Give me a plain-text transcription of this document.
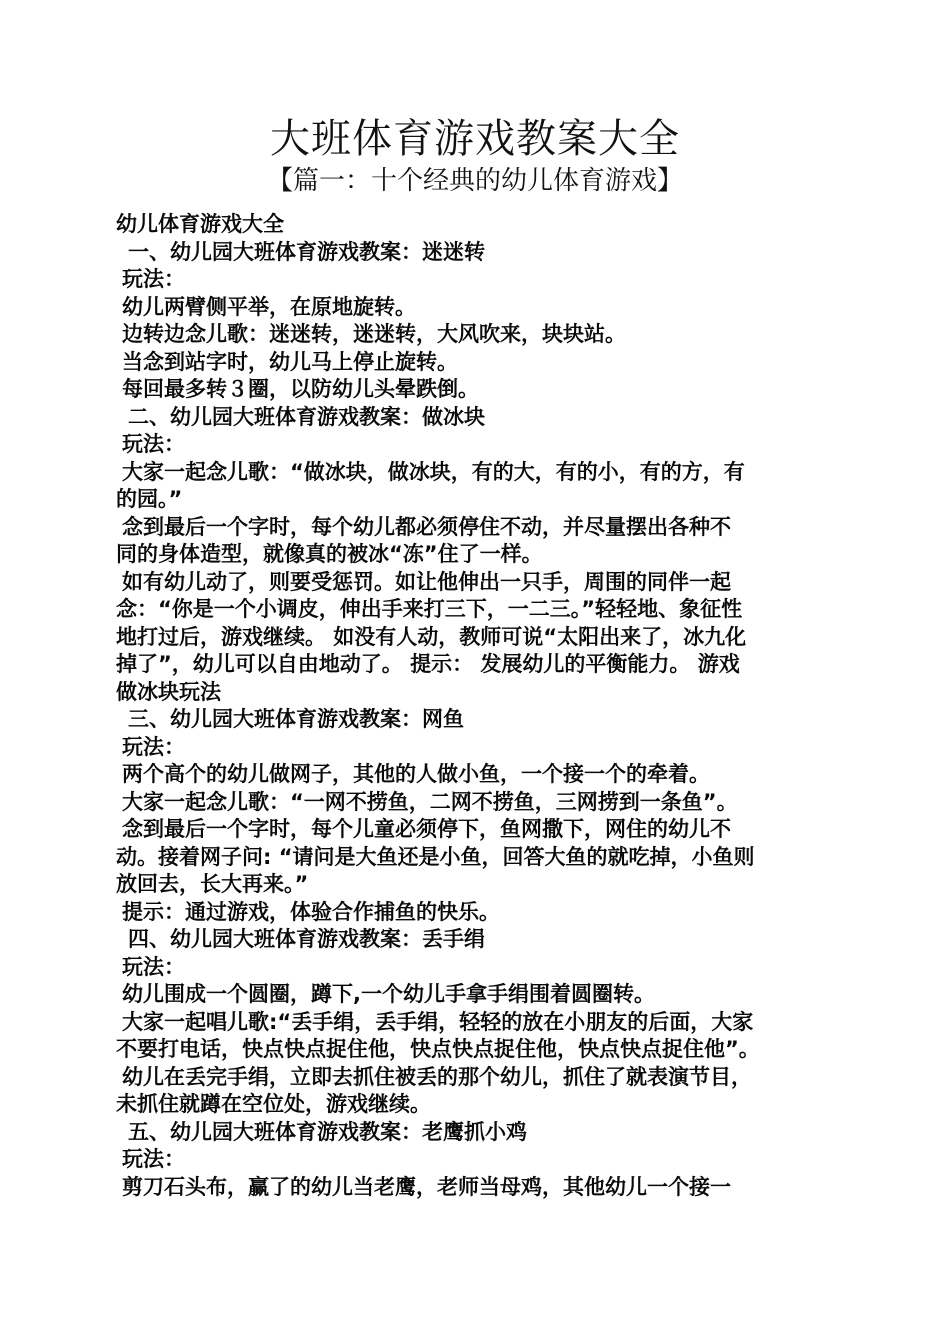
大班体育游戏教案大全
【篇一：十个经典的幼儿体育游戏】
幼儿体育游戏大全
一、幼儿园大班体育游戏教案：迷迷转
玩法：
幼儿两臂侧平举，在原地旋转。
边转边念儿歌：迷迷转，迷迷转，大风吹来，块块站。
当念到站字时，幼儿马上停止旋转。
每回最多转３圈，以防幼儿头晕跌倒。
二、幼儿园大班体育游戏教案：做冰块
玩法：
大家一起念儿歌：“做冰块，做冰块，有的大，有的小，有的方，有
的园。”
念到最后一个字时，每个幼儿都必须停住不动，并尽量摆出各种不
同的身体造型，就像真的被冰“冻”住了一样。
如有幼儿动了，则要受惩罚。如让他伸出一只手，周围的同伴一起
念：“你是一个小调皮，伸出手来打三下，一二三。”轻轻地、象征性
地打过后，游戏继续。 如没有人动，教师可说“太阳出来了，冰九化
掉了”，幼儿可以自由地动了。 提示： 发展幼儿的平衡能力。 游戏
做冰块玩法
三、幼儿园大班体育游戏教案：网鱼
玩法：
两个高个的幼儿做网子，其他的人做小鱼，一个接一个的牵着。
大家一起念儿歌：“一网不捞鱼，二网不捞鱼，三网捞到一条鱼”。
念到最后一个字时，每个儿童必须停下，鱼网撒下，网住的幼儿不
动。接着网子问: “请问是大鱼还是小鱼，回答大鱼的就吃掉，小鱼则
放回去，长大再来。”
提示：通过游戏，体验合作捕鱼的快乐。
四、幼儿园大班体育游戏教案：丢手绢
玩法：
幼儿围成一个圆圈，蹲下,一个幼儿手拿手绢围着圆圈转。
大家一起唱儿歌:“丢手绢，丢手绢，轻轻的放在小朋友的后面，大家
不要打电话，快点快点捉住他，快点快点捉住他，快点快点捉住他”。
幼儿在丢完手绢，立即去抓住被丢的那个幼儿，抓住了就表演节目，
未抓住就蹲在空位处，游戏继续。
五、幼儿园大班体育游戏教案：老鹰抓小鸡
玩法：
剪刀石头布，赢了的幼儿当老鹰，老师当母鸡，其他幼儿一个接一
